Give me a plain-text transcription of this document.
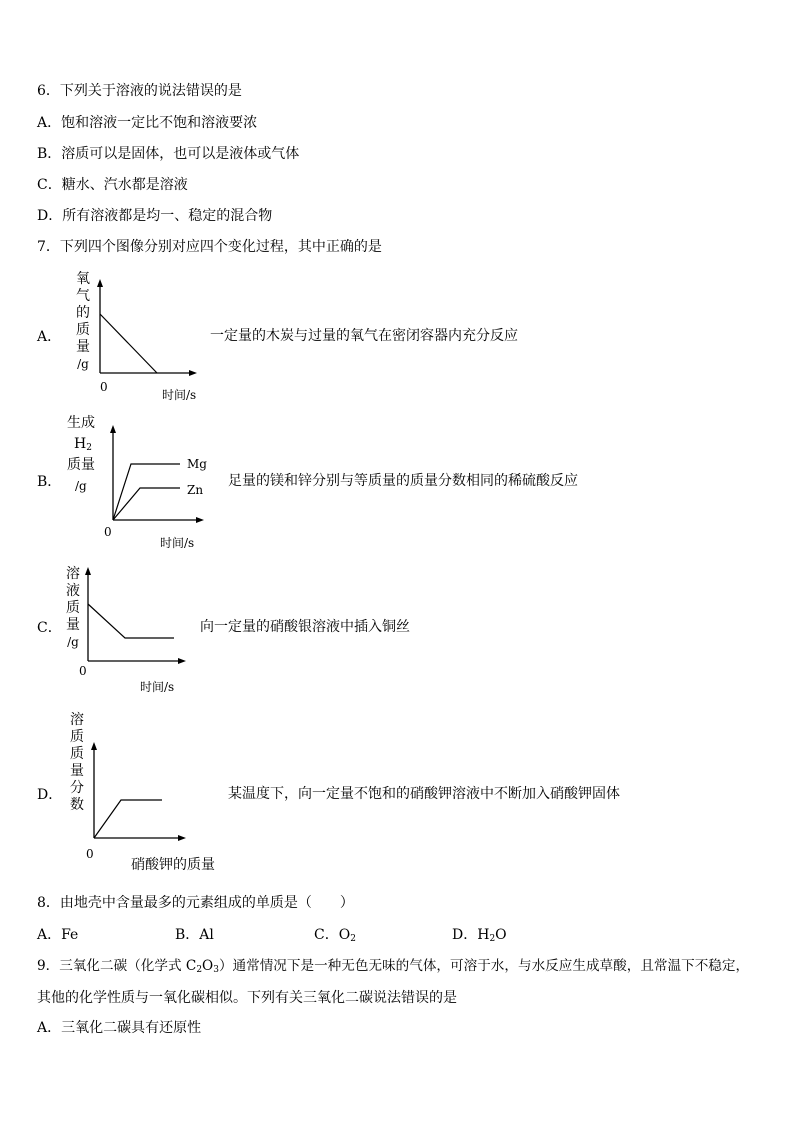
6．下列关于溶液的说法错误的是
A．饱和溶液一定比不饱和溶液要浓
B．溶质可以是固体，也可以是液体或气体
C．糖水、汽水都是溶液
D．所有溶液都是均一、稳定的混合物
7．下列四个图像分别对应四个变化过程，其中正确的是
A．
氧
气
的
质
量
/g
0
时间/s
一定量的木炭与过量的氧气在密闭容器内充分反应
B．
生成
$H_2$
质量
/g
0
时间/s
Mg
Zn
足量的镁和锌分别与等质量的质量分数相同的稀硫酸反应
C．
溶
液
质
量
/g
0
时间/s
向一定量的硝酸银溶液中插入铜丝
D．
溶
质
质
量
分
数
0
硝酸钾的质量
某温度下，向一定量不饱和的硝酸钾溶液中不断加入硝酸钾固体
8．由地壳中含量最多的元素组成的单质是（　　）
A．Fe	B．Al	C．$O_2$	D．$H_2O$
9．三氧化二碳（化学式 $C_2O_3$）通常情况下是一种无色无味的气体，可溶于水，与水反应生成草酸，且常温下不稳定，
其他的化学性质与一氧化碳相似。下列有关三氧化二碳说法错误的是
A．三氧化二碳具有还原性
